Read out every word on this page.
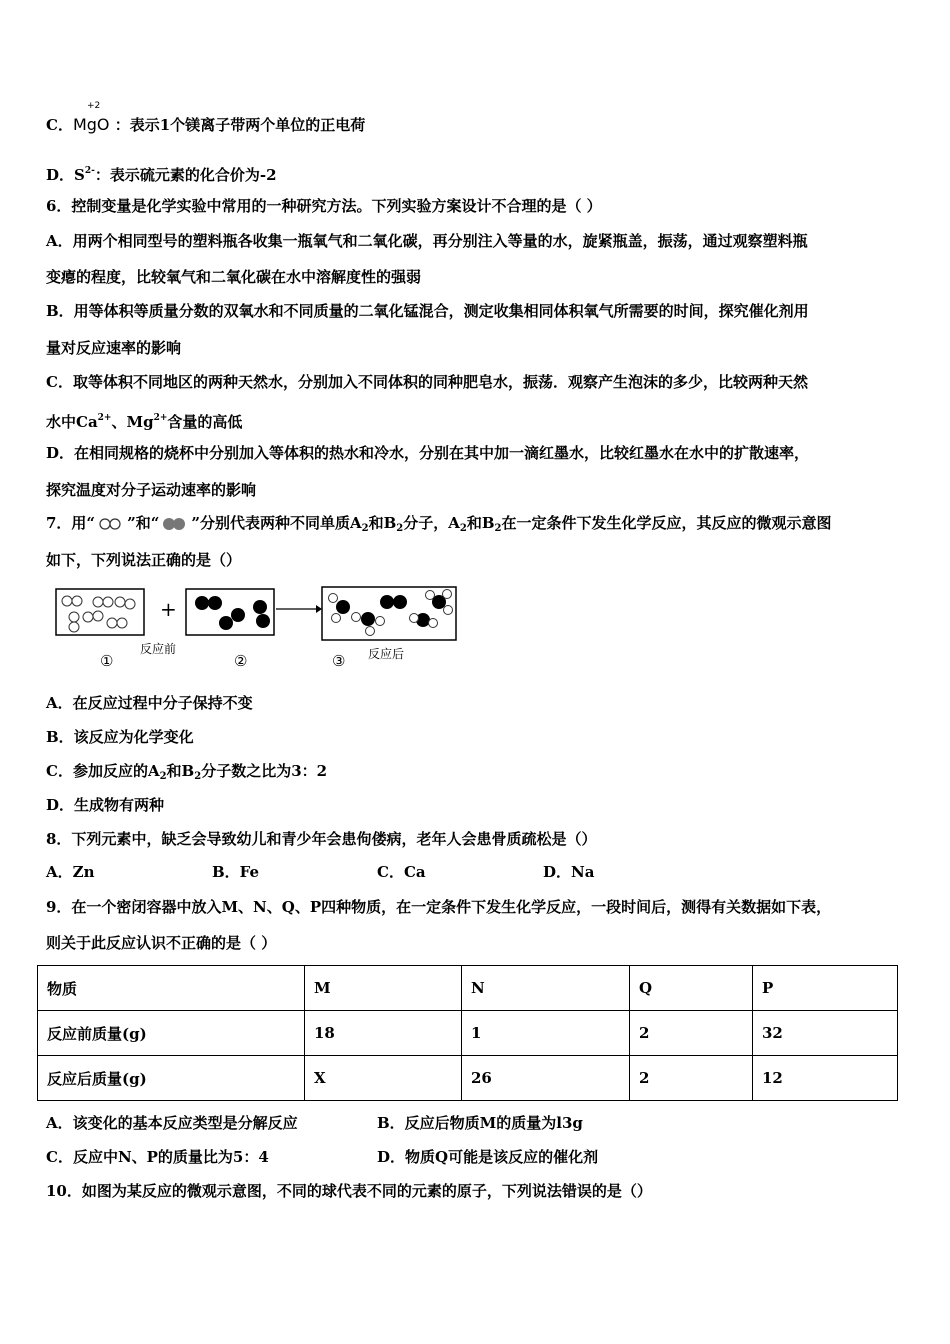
+2
C．MgO ：表示1个镁离子带两个单位的正电荷
D．$S^{2-}$：表示硫元素的化合价为-2
6．控制变量是化学实验中常用的一种研究方法。下列实验方案设计不合理的是（ ）
A．用两个相同型号的塑料瓶各收集一瓶氧气和二氧化碳，再分别注入等量的水，旋紧瓶盖，振荡，通过观察塑料瓶
变瘪的程度，比较氧气和二氧化碳在水中溶解度性的强弱
B．用等体积等质量分数的双氧水和不同质量的二氧化锰混合，测定收集相同体积氧气所需要的时间，探究催化剂用
量对反应速率的影响
C．取等体积不同地区的两种天然水，分别加入不同体积的同种肥皂水，振荡．观察产生泡沫的多少，比较两种天然
水中$Ca^{2+}$、$Mg^{2+}$含量的高低
D．在相同规格的烧杯中分别加入等体积的热水和冷水，分别在其中加一滴红墨水，比较红墨水在水中的扩散速率，
探究温度对分子运动速率的影响
7．用“ ”和“ ”分别代表两种不同单质$A_2$和$B_2$分子，$A_2$和$B_2$在一定条件下发生化学反应，其反应的微观示意图
如下，下列说法正确的是（）
+
①
反应前
②	③ 反应后
A．在反应过程中分子保持不变
B．该反应为化学变化
C．参加反应的$A_2$和$B_2$分子数之比为3：2
D．生成物有两种
8．下列元素中，缺乏会导致幼儿和青少年会患佝偻病，老年人会患骨质疏松是（）
A．Zn	B．Fe	C．Ca	D．Na
9．在一个密闭容器中放入M、N、Q、P四种物质，在一定条件下发生化学反应，一段时间后，测得有关数据如下表，
则关于此反应认识不正确的是（ ）
物质	M	N	Q	P
反应前质量(g)	18	1	2	32
反应后质量(g)	X	26	2	12
A．该变化的基本反应类型是分解反应	B．反应后物质M的质量为l3g
C．反应中N、P的质量比为5：4	D．物质Q可能是该反应的催化剂
10．如图为某反应的微观示意图，不同的球代表不同的元素的原子，下列说法错误的是（）
